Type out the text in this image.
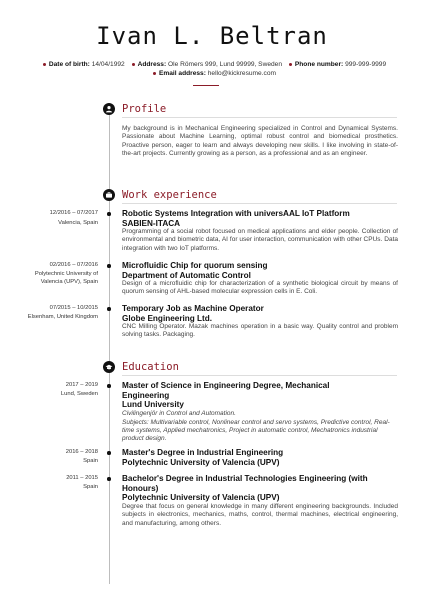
Ivan L. Beltran
Date of birth: 14/04/1992 Address: Ole Römers 999, Lund 99999, Sweden Phone number: 999-999-9999
Email address: hello@kickresume.com
Profile
My background is in Mechanical Engineering specialized in Control and Dynamical Systems. Passionate about Machine Learning, optimal robust control and biomedical prosthetics. Proactive person, eager to learn and always developing new skills. I like involving in state-of-the-art projects. Currently growing as a person, as a professional and as an engineer.
Work experience
12/2016 – 07/2017
Valencia, Spain
Robotic Systems Integration with universAAL IoT Platform
SABIEN-ITACA
Programming of a social robot focused on medical applications and elder people. Collection of environmental and biometric data, AI for user interaction, communication with other CPUs. Data integration with two IoT platforms.
02/2016 – 07/2016
Polytechnic University of Valencia (UPV), Spain
Microfluidic Chip for quorum sensing
Department of Automatic Control
Design of a microfluidic chip for characterization of a synthetic biological circuit by means of quorum sensing of AHL-based molecular expression cells in E. Coli.
07/2015 – 10/2015
Elsenham, United Kingdom
Temporary Job as Machine Operator
Globe Engineering Ltd.
CNC Milling Operator. Mazak machines operation in a basic way. Quality control and problem solving tasks. Packaging.
Education
2017 – 2019
Lund, Sweden
Master of Science in Engineering Degree, Mechanical Engineering
Lund University
Civilingenjör in Control and Automation.
Subjects: Multivariable control, Nonlinear control and servo systems, Predictive control, Real-time systems, Applied mechatronics, Project in automatic control, Mechatronics industrial product design.
2016 – 2018
Spain
Master's Degree in Industrial Engineering
Polytechnic University of Valencia (UPV)
2011 – 2015
Spain
Bachelor's Degree in Industrial Technologies Engineering (with Honours)
Polytechnic University of Valencia (UPV)
Degree that focus on general knowledge in many different engineering backgrounds. Included subjects in electronics, mechanics, maths, control, thermal machines, electrical engineering, and manufacturing, among others.
